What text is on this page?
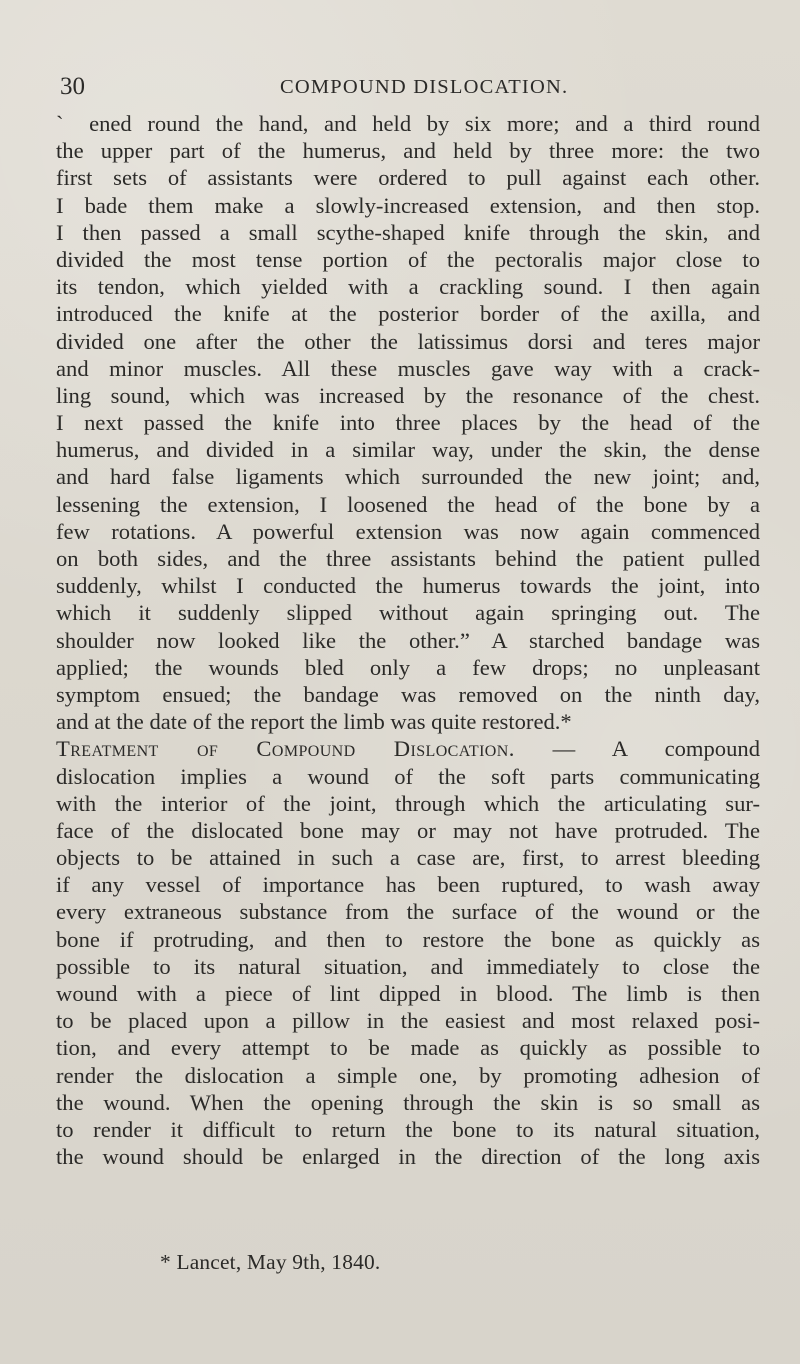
30	COMPOUND DISLOCATION.
ˋ ened round the hand, and held by six more; and a third round
the upper part of the humerus, and held by three more: the two
first sets of assistants were ordered to pull against each other.
I bade them make a slowly-increased extension, and then stop.
I then passed a small scythe-shaped knife through the skin, and
divided the most tense portion of the pectoralis major close to
its tendon, which yielded with a crackling sound. I then again
introduced the knife at the posterior border of the axilla, and
divided one after the other the latissimus dorsi and teres major
and minor muscles. All these muscles gave way with a crack-
ling sound, which was increased by the resonance of the chest.
I next passed the knife into three places by the head of the
humerus, and divided in a similar way, under the skin, the dense
and hard false ligaments which surrounded the new joint; and,
lessening the extension, I loosened the head of the bone by a
few rotations. A powerful extension was now again commenced
on both sides, and the three assistants behind the patient pulled
suddenly, whilst I conducted the humerus towards the joint, into
which it suddenly slipped without again springing out. The
shoulder now looked like the other.” A starched bandage was
applied; the wounds bled only a few drops; no unpleasant
symptom ensued; the bandage was removed on the ninth day,
and at the date of the report the limb was quite restored.*
Treatment of Compound Dislocation. — A compound
dislocation implies a wound of the soft parts communicating
with the interior of the joint, through which the articulating sur-
face of the dislocated bone may or may not have protruded. The
objects to be attained in such a case are, first, to arrest bleeding
if any vessel of importance has been ruptured, to wash away
every extraneous substance from the surface of the wound or the
bone if protruding, and then to restore the bone as quickly as
possible to its natural situation, and immediately to close the
wound with a piece of lint dipped in blood. The limb is then
to be placed upon a pillow in the easiest and most relaxed posi-
tion, and every attempt to be made as quickly as possible to
render the dislocation a simple one, by promoting adhesion of
the wound. When the opening through the skin is so small as
to render it difficult to return the bone to its natural situation,
the wound should be enlarged in the direction of the long axis
* Lancet, May 9th, 1840.
